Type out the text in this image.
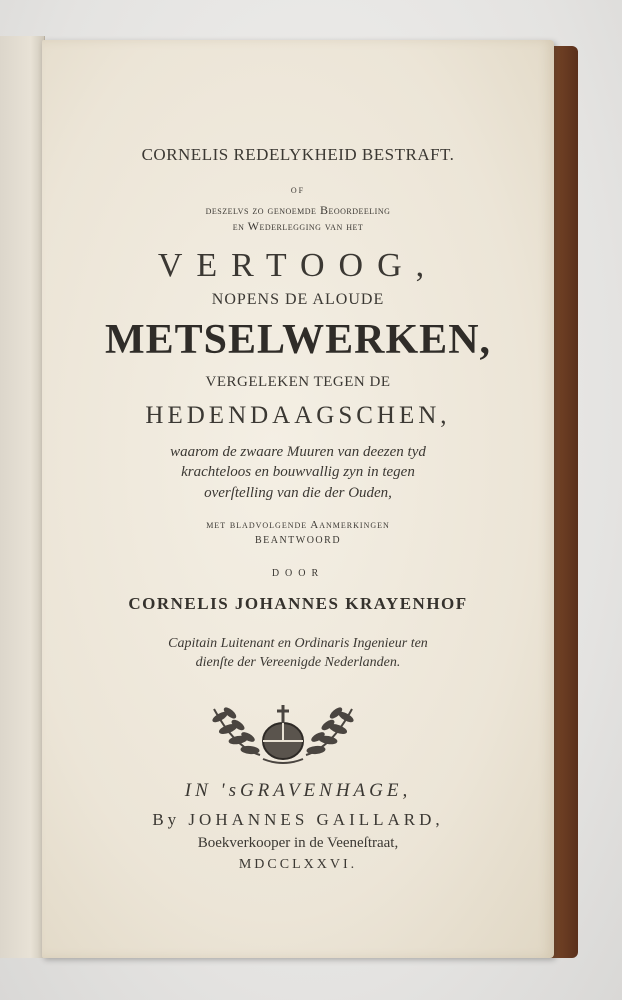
CORNELIS REDELYKHEID BESTRAFT.
OF
deszelvs zo genoemde Beoordeeling
en Wederlegging van het
VERTOOG,
NOPENS DE ALOUDE
METSELWERKEN,
VERGELEKEN TEGEN DE
HEDENDAAGSCHEN,
waarom de zwaare Muuren van deezen tyd
krachteloos en bouwvallig zyn in tegen
overſtelling van die der Ouden,
met bladvolgende Aanmerkingen
BEANTWOORD
DOOR
CORNELIS JOHANNES KRAYENHOF
Capitain Luitenant en Ordinaris Ingenieur ten
dienſte der Vereenigde Nederlanden.
IN 'sGRAVENHAGE,
By JOHANNES GAILLARD,
Boekverkooper in de Veeneſtraat,
MDCCLXXVI.
